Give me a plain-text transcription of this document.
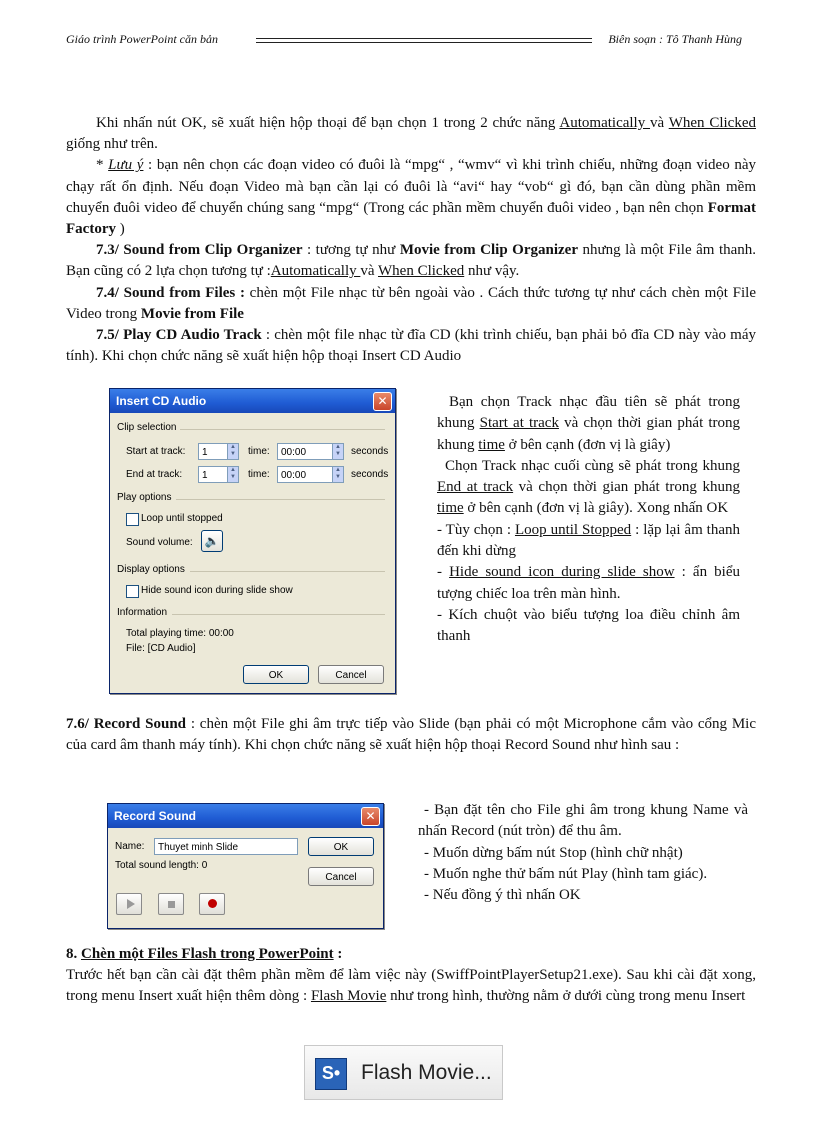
Giáo trình PowerPoint căn bản	Biên soạn : Tô Thanh Hùng

Khi nhấn nút OK, sẽ xuất hiện hộp thoại để bạn chọn 1 trong 2 chức năng Automatically và When Clicked giống như trên.

* Lưu ý : bạn nên chọn các đoạn video có đuôi là “mpg“ , “wmv“ vì khi trình chiếu, những đoạn video này chạy rất ổn định. Nếu đoạn Video mà bạn cần lại có đuôi là “avi“ hay “vob“ gì đó, bạn cần dùng phần mềm chuyển đuôi video để chuyển chúng sang “mpg“ (Trong các phần mềm chuyển đuôi video , bạn nên chọn Format Factory )

7.3/ Sound from Clip Organizer : tương tự như Movie from Clip Organizer nhưng là một File âm thanh. Bạn cũng có 2 lựa chọn tương tự :Automatically và When Clicked như vậy.

7.4/ Sound from Files : chèn một File nhạc từ bên ngoài vào . Cách thức tương tự như cách chèn một File Video trong Movie from File

7.5/ Play CD Audio Track : chèn một file nhạc từ đĩa CD (khi trình chiếu, bạn phải bỏ đĩa CD này vào máy tính). Khi chọn chức năng sẽ xuất hiện hộp thoại Insert CD Audio

Insert CD Audio	✕
Clip selection
Start at track:	1	▲
▼	time:	00:00	▲
▼	seconds
End at track:	1	▲
▼	time:	00:00	▲
▼	seconds
Play options
Loop until stopped
Sound volume: 🔈
Display options
Hide sound icon during slide show
Information
Total playing time: 00:00
File: [CD Audio]
OK	Cancel

Bạn chọn Track nhạc đầu tiên sẽ phát trong khung Start at track và chọn thời gian phát trong khung time ở bên cạnh (đơn vị là giây)

Chọn Track nhạc cuối cùng sẽ phát trong khung End at track và chọn thời gian phát trong khung time ở bên cạnh (đơn vị là giây). Xong nhấn OK

- Tùy chọn : Loop until Stopped : lặp lại âm thanh đến khi dừng

- Hide sound icon during slide show : ẩn biểu tượng chiếc loa trên màn hình.

- Kích chuột vào biểu tượng loa điều chỉnh âm thanh

7.6/ Record Sound : chèn một File ghi âm trực tiếp vào Slide (bạn phải có một Microphone cắm vào cổng Mic của card âm thanh máy tính). Khi chọn chức năng sẽ xuất hiện hộp thoại Record Sound như hình sau :

Record Sound	✕
Name:	Thuyet minh Slide
Total sound length: 0
OK
Cancel

- Bạn đặt tên cho File ghi âm trong khung Name và nhấn Record (nút tròn) để thu âm.

- Muốn dừng bấm nút Stop (hình chữ nhật)

- Muốn nghe thử bấm nút Play (hình tam giác).

- Nếu đồng ý thì nhấn OK

8. Chèn một Files Flash trong PowerPoint :

Trước hết bạn cần cài đặt thêm phần mềm để làm việc này (SwiffPointPlayerSetup21.exe). Sau khi cài đặt xong, trong menu Insert xuất hiện thêm dòng : Flash Movie như trong hình, thường nằm ở dưới cùng trong menu Insert

S• Flash Movie...
